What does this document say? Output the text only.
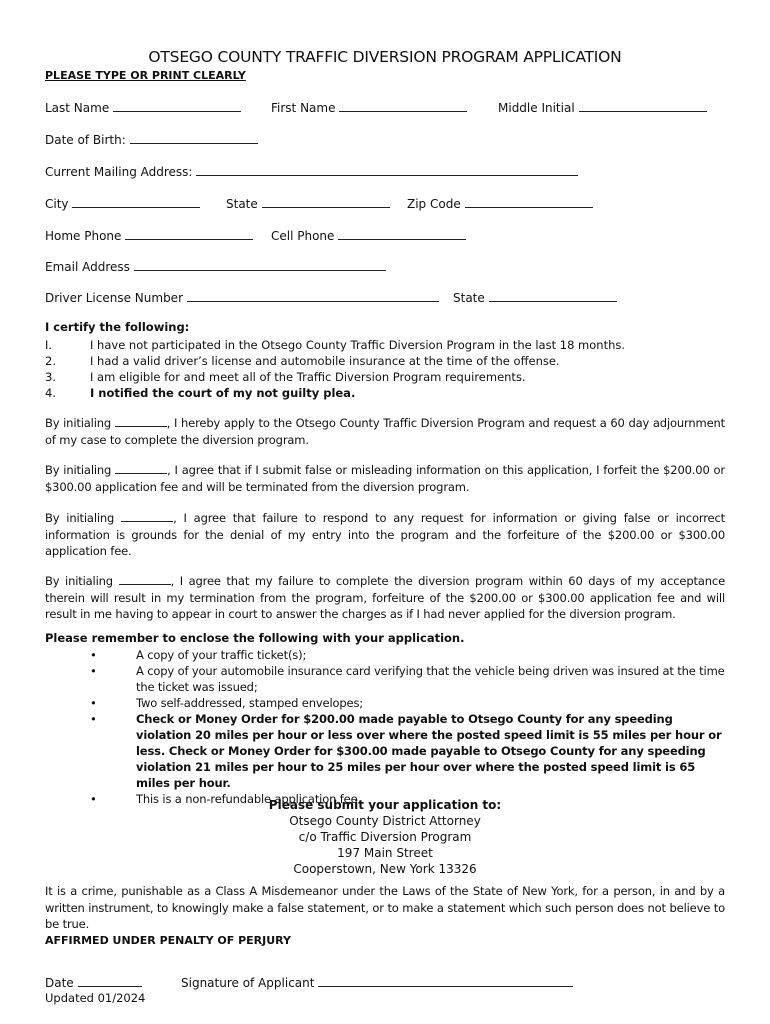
OTSEGO COUNTY TRAFFIC DIVERSION PROGRAM APPLICATION
PLEASE TYPE OR PRINT CLEARLY
Last Name	First Name	Middle Initial
Date of Birth:
Current Mailing Address:
City	State	Zip Code
Home Phone	Cell Phone
Email Address
Driver License Number	State
I certify the following:
I.	I have not participated in the Otsego County Traffic Diversion Program in the last 18 months.
2.	I had a valid driver’s license and automobile insurance at the time of the offense.
3.	I am eligible for and meet all of the Traffic Diversion Program requirements.
4.	I notified the court of my not guilty plea.

By initialing	, I hereby apply to the Otsego County Traffic Diversion Program and request a 60 day adjournment of my case to complete the diversion program.

By initialing	, I agree that if I submit false or misleading information on this application, I forfeit the $200.00 or $300.00 application fee and will be terminated from the diversion program.

By initialing	, I agree that failure to respond to any request for information or giving false or incorrect information is grounds for the denial of my entry into the program and the forfeiture of the $200.00 or $300.00 application fee.

By initialing	, I agree that my failure to complete the diversion program within 60 days of my acceptance therein will result in my termination from the program, forfeiture of the $200.00 or $300.00 application fee and will result in me having to appear in court to answer the charges as if I had never applied for the diversion program.

Please remember to enclose the following with your application.
•	A copy of your traffic ticket(s);
•	A copy of your automobile insurance card verifying that the vehicle being driven was insured at the time the ticket was issued;
•	Two self-addressed, stamped envelopes;
•	Check or Money Order for $200.00 made payable to Otsego County for any speeding violation 20 miles per hour or less over where the posted speed limit is 55 miles per hour or less. Check or Money Order for $300.00 made payable to Otsego County for any speeding violation 21 miles per hour to 25 miles per hour over where the posted speed limit is 65 miles per hour.
•	This is a non-refundable application fee.
Please submit your application to:
Otsego County District Attorney
c/o Traffic Diversion Program
197 Main Street
Cooperstown, New York 13326

It is a crime, punishable as a Class A Misdemeanor under the Laws of the State of New York, for a person, in and by a written instrument, to knowingly make a false statement, or to make a statement which such person does not believe to be true.

AFFIRMED UNDER PENALTY OF PERJURY
Date	Signature of Applicant
Updated 01/2024
